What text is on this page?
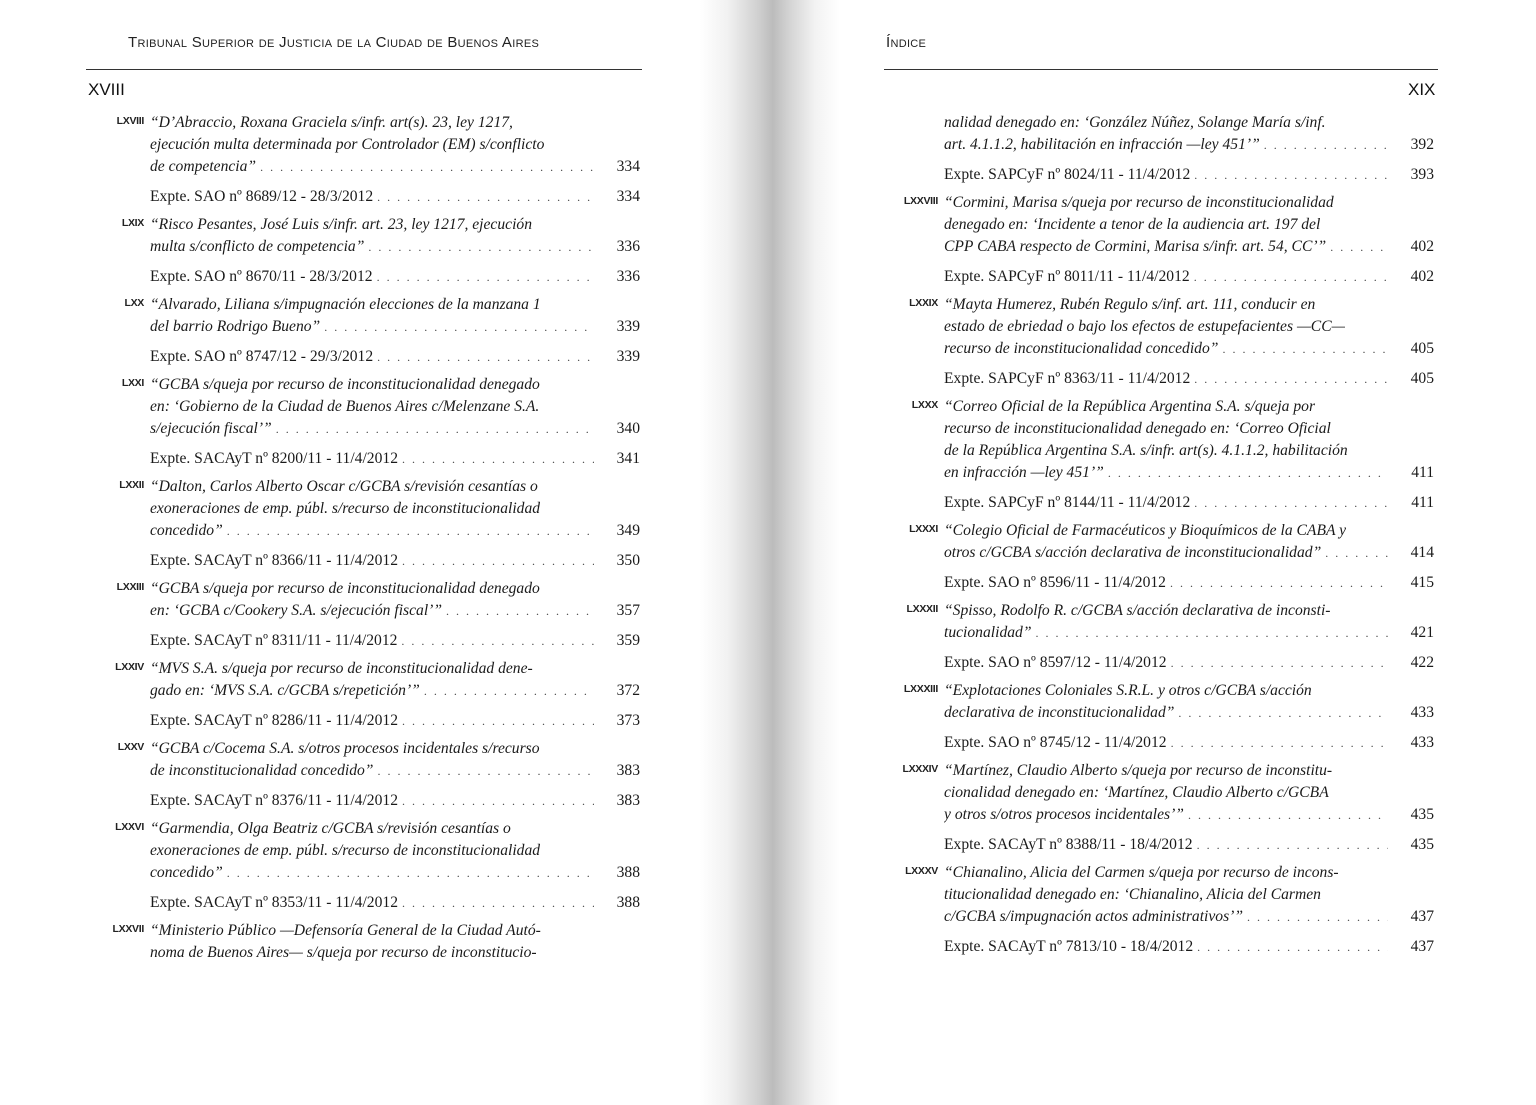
Tribunal Superior de Justicia de la Ciudad de Buenos Aires
XVIII
LXVIII “D’Abraccio, Roxana Graciela s/infr. art(s). 23, ley 1217,
ejecución multa determinada por Controlador (EM) s/conflicto
de competencia” . . .	334
Expte. SAO nº 8689/12 - 28/3/2012 . . .	334
LXIX “Risco Pesantes, José Luis s/infr. art. 23, ley 1217, ejecución
multa s/conflicto de competencia” . . .	336
Expte. SAO nº 8670/11 - 28/3/2012 . . .	336
LXX “Alvarado, Liliana s/impugnación elecciones de la manzana 1
del barrio Rodrigo Bueno” . . .	339
Expte. SAO nº 8747/12 - 29/3/2012 . . .	339
LXXI “GCBA s/queja por recurso de inconstitucionalidad denegado
en: ‘Gobierno de la Ciudad de Buenos Aires c/Melenzane S.A.
s/ejecución fiscal’” . . .	340
Expte. SACAyT nº 8200/11 - 11/4/2012 . . .	341
LXXII “Dalton, Carlos Alberto Oscar c/GCBA s/revisión cesantías o
exoneraciones de emp. públ. s/recurso de inconstitucionalidad
concedido” . . .	349
Expte. SACAyT nº 8366/11 - 11/4/2012 . . .	350
LXXIII “GCBA s/queja por recurso de inconstitucionalidad denegado
en: ‘GCBA c/Cookery S.A. s/ejecución fiscal’” . . .	357
Expte. SACAyT nº 8311/11 - 11/4/2012 . . .	359
LXXIV “MVS S.A. s/queja por recurso de inconstitucionalidad dene-
gado en: ‘MVS S.A. c/GCBA s/repetición’” . . .	372
Expte. SACAyT nº 8286/11 - 11/4/2012 . . .	373
LXXV “GCBA c/Cocema S.A. s/otros procesos incidentales s/recurso
de inconstitucionalidad concedido” . . .	383
Expte. SACAyT nº 8376/11 - 11/4/2012 . . .	383
LXXVI “Garmendia, Olga Beatriz c/GCBA s/revisión cesantías o
exoneraciones de emp. públ. s/recurso de inconstitucionalidad
concedido” . . .	388
Expte. SACAyT nº 8353/11 - 11/4/2012 . . .	388
LXXVII “Ministerio Público —Defensoría General de la Ciudad Autó-
noma de Buenos Aires— s/queja por recurso de inconstitucio-
Índice
XIX
nalidad denegado en: ‘González Núñez, Solange María s/inf.
art. 4.1.1.2, habilitación en infracción —ley 451’” . . .	392
Expte. SAPCyF nº 8024/11 - 11/4/2012 . . .	393
LXXVIII “Cormini, Marisa s/queja por recurso de inconstitucionalidad
denegado en: ‘Incidente a tenor de la audiencia art. 197 del
CPP CABA respecto de Cormini, Marisa s/infr. art. 54, CC’” . . .	402
Expte. SAPCyF nº 8011/11 - 11/4/2012 . . .	402
LXXIX “Mayta Humerez, Rubén Regulo s/inf. art. 111, conducir en
estado de ebriedad o bajo los efectos de estupefacientes —CC—
recurso de inconstitucionalidad concedido” . . .	405
Expte. SAPCyF nº 8363/11 - 11/4/2012 . . .	405
LXXX “Correo Oficial de la República Argentina S.A. s/queja por
recurso de inconstitucionalidad denegado en: ‘Correo Oficial
de la República Argentina S.A. s/infr. art(s). 4.1.1.2, habilitación
en infracción —ley 451’” . . .	411
Expte. SAPCyF nº 8144/11 - 11/4/2012 . . .	411
LXXXI “Colegio Oficial de Farmacéuticos y Bioquímicos de la CABA y
otros c/GCBA s/acción declarativa de inconstitucionalidad” . . .	414
Expte. SAO nº 8596/11 - 11/4/2012 . . .	415
LXXXII “Spisso, Rodolfo R. c/GCBA s/acción declarativa de inconsti-
tucionalidad” . . .	421
Expte. SAO nº 8597/12 - 11/4/2012 . . .	422
LXXXIII “Explotaciones Coloniales S.R.L. y otros c/GCBA s/acción
declarativa de inconstitucionalidad” . . .	433
Expte. SAO nº 8745/12 - 11/4/2012 . . .	433
LXXXIV “Martínez, Claudio Alberto s/queja por recurso de inconstitu-
cionalidad denegado en: ‘Martínez, Claudio Alberto c/GCBA
y otros s/otros procesos incidentales’” . . .	435
Expte. SACAyT nº 8388/11 - 18/4/2012 . . .	435
LXXXV “Chianalino, Alicia del Carmen s/queja por recurso de incons-
titucionalidad denegado en: ‘Chianalino, Alicia del Carmen
c/GCBA s/impugnación actos administrativos’” . . .	437
Expte. SACAyT nº 7813/10 - 18/4/2012 . . .	437
